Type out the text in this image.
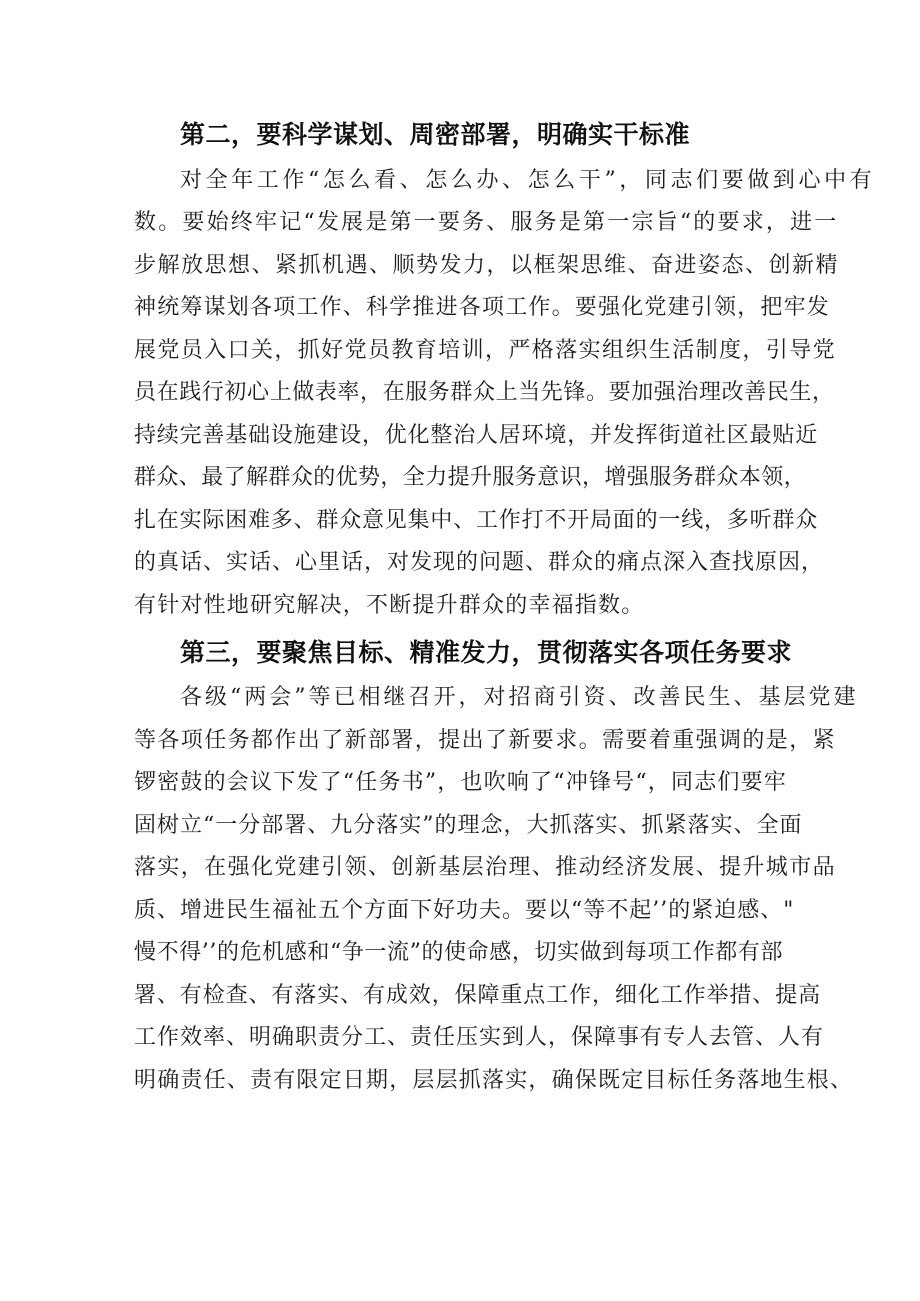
第二，要科学谋划、周密部署，明确实干标准
对全年工作“怎么看、怎么办、怎么干”，同志们要做到心中有
数。要始终牢记“发展是第一要务、服务是第一宗旨“的要求，进一
步解放思想、紧抓机遇、顺势发力，以框架思维、奋进姿态、创新精
神统筹谋划各项工作、科学推进各项工作。要强化党建引领，把牢发
展党员入口关，抓好党员教育培训，严格落实组织生活制度，引导党
员在践行初心上做表率，在服务群众上当先锋。要加强治理改善民生，
持续完善基础设施建设，优化整治人居环境，并发挥街道社区最贴近
群众、最了解群众的优势，全力提升服务意识，增强服务群众本领，
扎在实际困难多、群众意见集中、工作打不开局面的一线，多听群众
的真话、实话、心里话，对发现的问题、群众的痛点深入查找原因，
有针对性地研究解决，不断提升群众的幸福指数。
第三，要聚焦目标、精准发力，贯彻落实各项任务要求
各级“两会”等已相继召开，对招商引资、改善民生、基层党建
等各项任务都作出了新部署，提出了新要求。需要着重强调的是，紧
锣密鼓的会议下发了“任务书”，也吹响了“冲锋号“，同志们要牢
固树立“一分部署、九分落实”的理念，大抓落实、抓紧落实、全面
落实，在强化党建引领、创新基层治理、推动经济发展、提升城市品
质、增进民生福祉五个方面下好功夫。要以“等不起’’的紧迫感、"
慢不得’’的危机感和“争一流”的使命感，切实做到每项工作都有部
署、有检查、有落实、有成效，保障重点工作，细化工作举措、提高
工作效率、明确职责分工、责任压实到人，保障事有专人去管、人有
明确责任、责有限定日期，层层抓落实，确保既定目标任务落地生根、
